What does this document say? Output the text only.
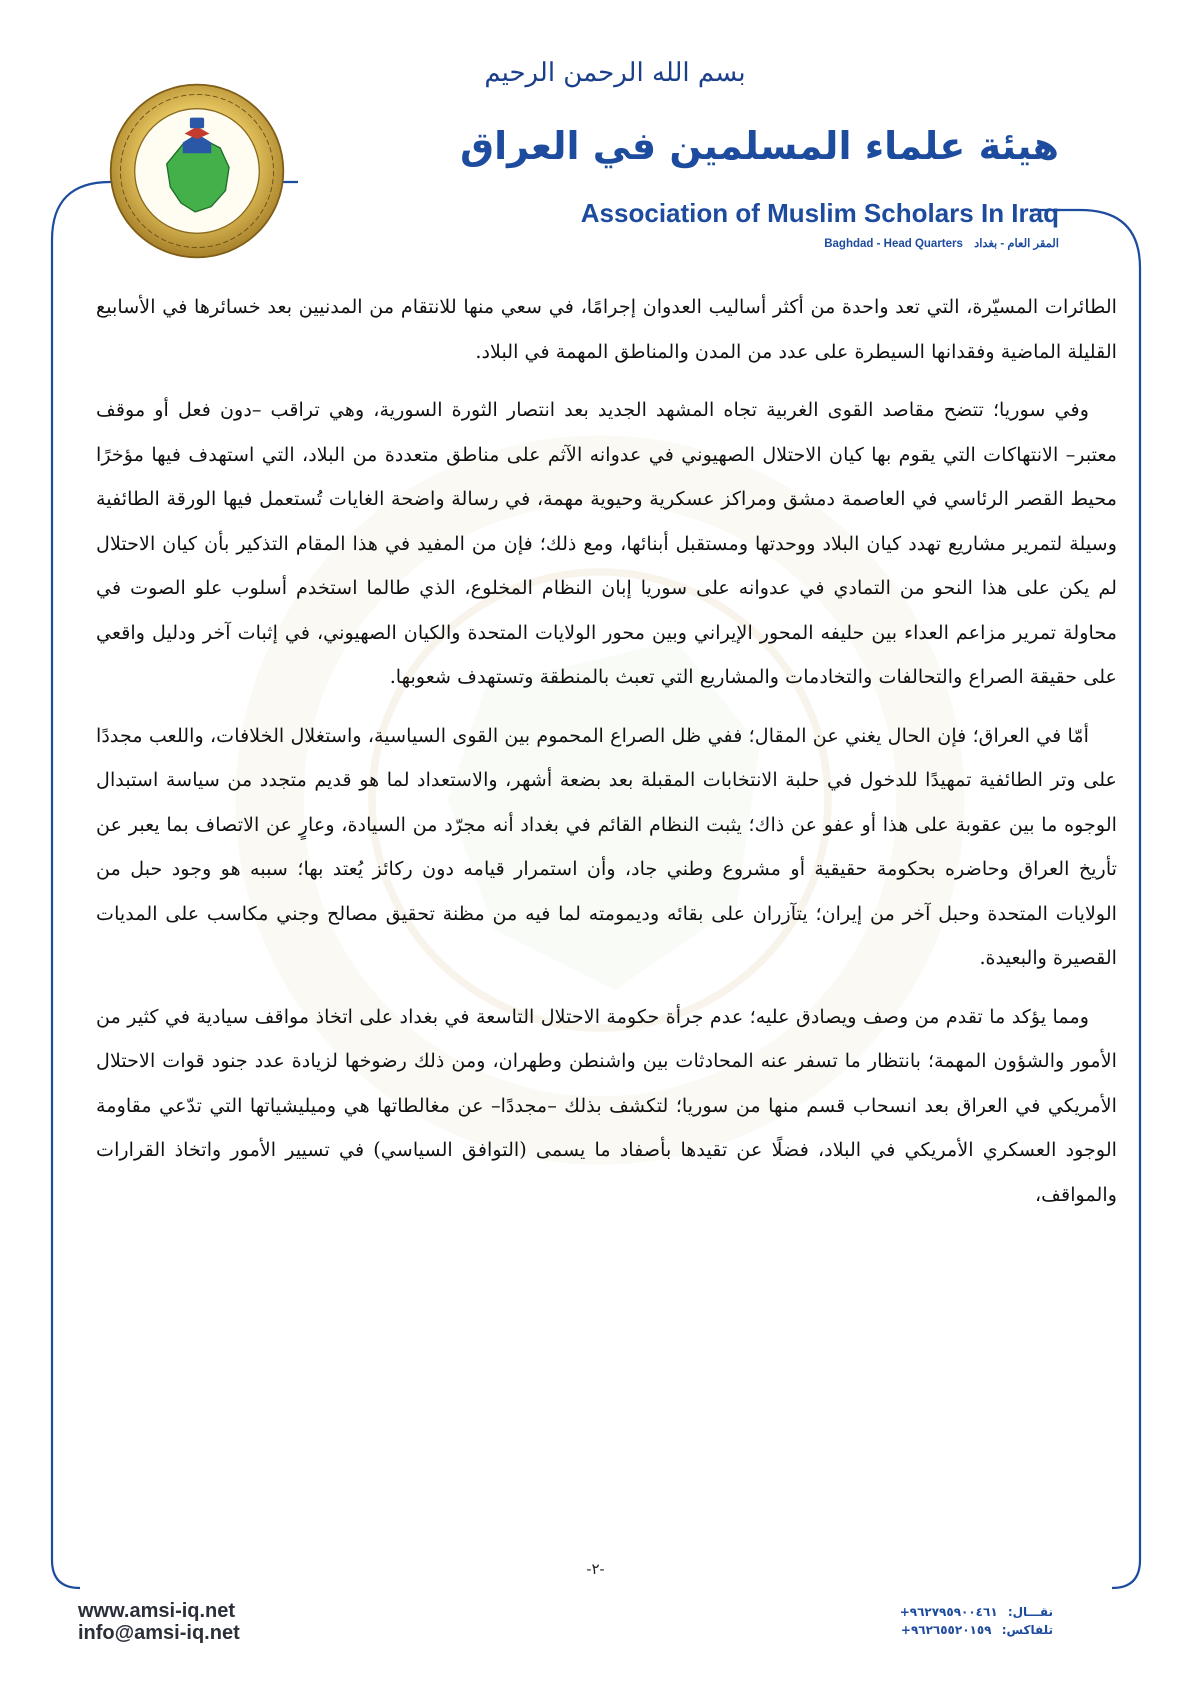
بسم الله الرحمن الرحيم
هيئة علماء المسلمين في العراق
Association of Muslim Scholars In Iraq
Baghdad - Head Quarters المقر العام - بغداد

الطائرات المسيّرة، التي تعد واحدة من أكثر أساليب العدوان إجرامًا، في سعي منها للانتقام من المدنيين بعد خسائرها في الأسابيع القليلة الماضية وفقدانها السيطرة على عدد من المدن والمناطق المهمة في البلاد.

وفي سوريا؛ تتضح مقاصد القوى الغربية تجاه المشهد الجديد بعد انتصار الثورة السورية، وهي تراقب –دون فعل أو موقف معتبر– الانتهاكات التي يقوم بها كيان الاحتلال الصهيوني في عدوانه الآثم على مناطق متعددة من البلاد، التي استهدف فيها مؤخرًا محيط القصر الرئاسي في العاصمة دمشق ومراكز عسكرية وحيوية مهمة، في رسالة واضحة الغايات تُستعمل فيها الورقة الطائفية وسيلة لتمرير مشاريع تهدد كيان البلاد ووحدتها ومستقبل أبنائها، ومع ذلك؛ فإن من المفيد في هذا المقام التذكير بأن كيان الاحتلال لم يكن على هذا النحو من التمادي في عدوانه على سوريا إبان النظام المخلوع، الذي طالما استخدم أسلوب علو الصوت في محاولة تمرير مزاعم العداء بين حليفه المحور الإيراني وبين محور الولايات المتحدة والكيان الصهيوني، في إثبات آخر ودليل واقعي على حقيقة الصراع والتحالفات والتخادمات والمشاريع التي تعبث بالمنطقة وتستهدف شعوبها.

أمّا في العراق؛ فإن الحال يغني عن المقال؛ ففي ظل الصراع المحموم بين القوى السياسية، واستغلال الخلافات، واللعب مجددًا على وتر الطائفية تمهيدًا للدخول في حلبة الانتخابات المقبلة بعد بضعة أشهر، والاستعداد لما هو قديم متجدد من سياسة استبدال الوجوه ما بين عقوبة على هذا أو عفو عن ذاك؛ يثبت النظام القائم في بغداد أنه مجرّد من السيادة، وعارٍ عن الاتصاف بما يعبر عن تأريخ العراق وحاضره بحكومة حقيقية أو مشروع وطني جاد، وأن استمرار قيامه دون ركائز يُعتد بها؛ سببه هو وجود حبل من الولايات المتحدة وحبل آخر من إيران؛ يتآزران على بقائه وديمومته لما فيه من مظنة تحقيق مصالح وجني مكاسب على المديات القصيرة والبعيدة.

ومما يؤكد ما تقدم من وصف ويصادق عليه؛ عدم جرأة حكومة الاحتلال التاسعة في بغداد على اتخاذ مواقف سيادية في كثير من الأمور والشؤون المهمة؛ بانتظار ما تسفر عنه المحادثات بين واشنطن وطهران، ومن ذلك رضوخها لزيادة عدد جنود قوات الاحتلال الأمريكي في العراق بعد انسحاب قسم منها من سوريا؛ لتكشف بذلك –مجددًا– عن مغالطاتها هي وميليشياتها التي تدّعي مقاومة الوجود العسكري الأمريكي في البلاد، فضلًا عن تقيدها بأصفاد ما يسمى (التوافق السياسي) في تسيير الأمور واتخاذ القرارات والمواقف،

-٢-
www.amsi-iq.net
info@amsi-iq.net
نقـــال: +٩٦٢٧٩٥٩٠٠٤٦١
تلفاكس: +٩٦٢٦٥٥٢٠١٥٩
